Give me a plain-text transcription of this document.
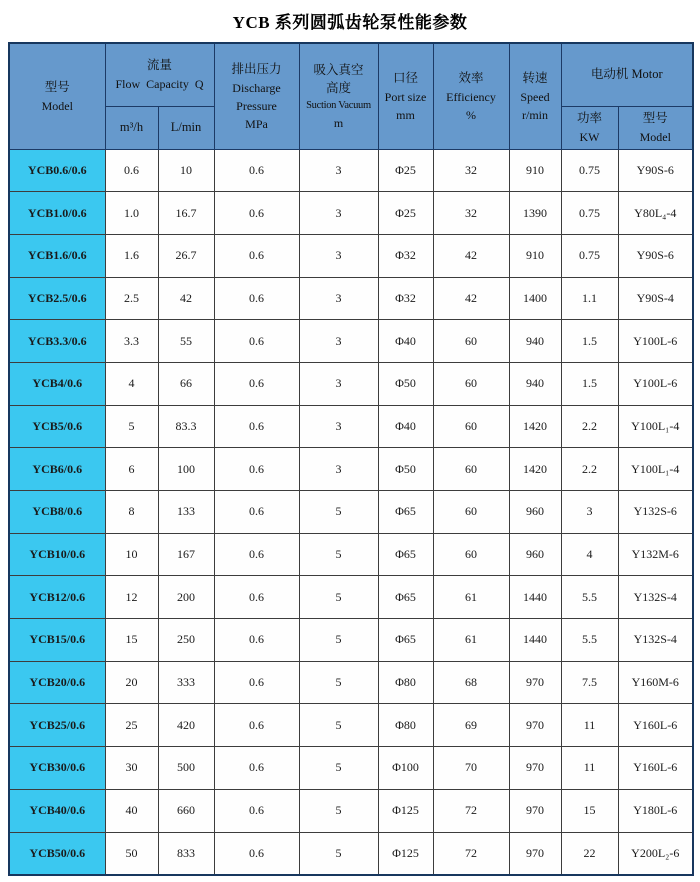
YCB 系列圆弧齿轮泵性能参数
型号
Model

流量
Flow Capacity Q

排出压力
Discharge
Pressure
MPa

吸入真空
高度
Suction Vacuum
m

口径
Port size
mm

效率
Efficiency
%

转速
Speed
r/min

电动机 Motor

m³/h	L/min

功率
KW

型号
Model

YCB0.6/0.6	0.6	10	0.6	3	Φ25	32	910	0.75	Y90S-6
YCB1.0/0.6	1.0	16.7	0.6	3	Φ25	32	1390	0.75	Y80L₄-4
YCB1.6/0.6	1.6	26.7	0.6	3	Φ32	42	910	0.75	Y90S-6
YCB2.5/0.6	2.5	42	0.6	3	Φ32	42	1400	1.1	Y90S-4
YCB3.3/0.6	3.3	55	0.6	3	Φ40	60	940	1.5	Y100L-6
YCB4/0.6	4	66	0.6	3	Φ50	60	940	1.5	Y100L-6
YCB5/0.6	5	83.3	0.6	3	Φ40	60	1420	2.2	Y100L₁-4
YCB6/0.6	6	100	0.6	3	Φ50	60	1420	2.2	Y100L₁-4
YCB8/0.6	8	133	0.6	5	Φ65	60	960	3	Y132S-6
YCB10/0.6	10	167	0.6	5	Φ65	60	960	4	Y132M-6
YCB12/0.6	12	200	0.6	5	Φ65	61	1440	5.5	Y132S-4
YCB15/0.6	15	250	0.6	5	Φ65	61	1440	5.5	Y132S-4
YCB20/0.6	20	333	0.6	5	Φ80	68	970	7.5	Y160M-6
YCB25/0.6	25	420	0.6	5	Φ80	69	970	11	Y160L-6
YCB30/0.6	30	500	0.6	5	Φ100	70	970	11	Y160L-6
YCB40/0.6	40	660	0.6	5	Φ125	72	970	15	Y180L-6
YCB50/0.6	50	833	0.6	5	Φ125	72	970	22	Y200L₂-6
